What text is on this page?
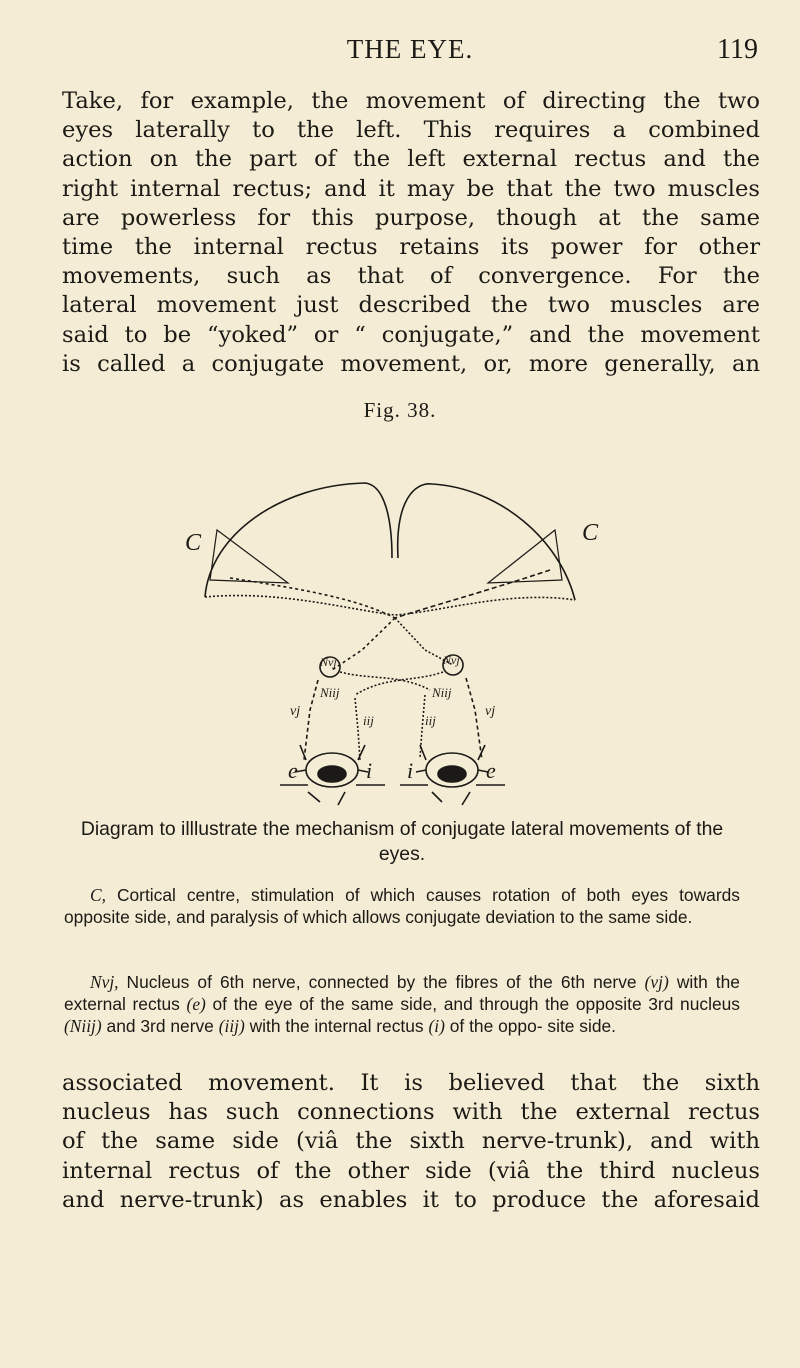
THE EYE.	119

Take, for example, the movement of directing the two
eyes laterally to the left. This requires a combined
action on the part of the left external rectus and the
right internal rectus; and it may be that the two muscles
are powerless for this purpose, though at the same
time the internal rectus retains its power for other
movements, such as that of convergence. For the
lateral movement just described the two muscles are
said to be “yoked” or “ conjugate,” and the movement
is called a conjugate movement, or, more generally, an

Fig. 38.
C	C
Nvj	Nvj
Niij	Niij
vj	vj
iij	iij
e	e
i i
Diagram to illlustrate the mechanism of conjugate lateral movements of the eyes.

C, Cortical centre, stimulation of which causes rotation of both eyes towards opposite side, and paralysis of which allows conjugate deviation to the same side.

Nvj, Nucleus of 6th nerve, connected by the fibres of the 6th nerve (vj) with the external rectus (e) of the eye of the same side, and through the opposite 3rd nucleus (Niij) and 3rd nerve (iij) with the internal rectus (i) of the oppo- site side.

associated movement. It is believed that the sixth
nucleus has such connections with the external rectus
of the same side (viâ the sixth nerve-trunk), and with
internal rectus of the other side (viâ the third nucleus
and nerve-trunk) as enables it to produce the aforesaid
